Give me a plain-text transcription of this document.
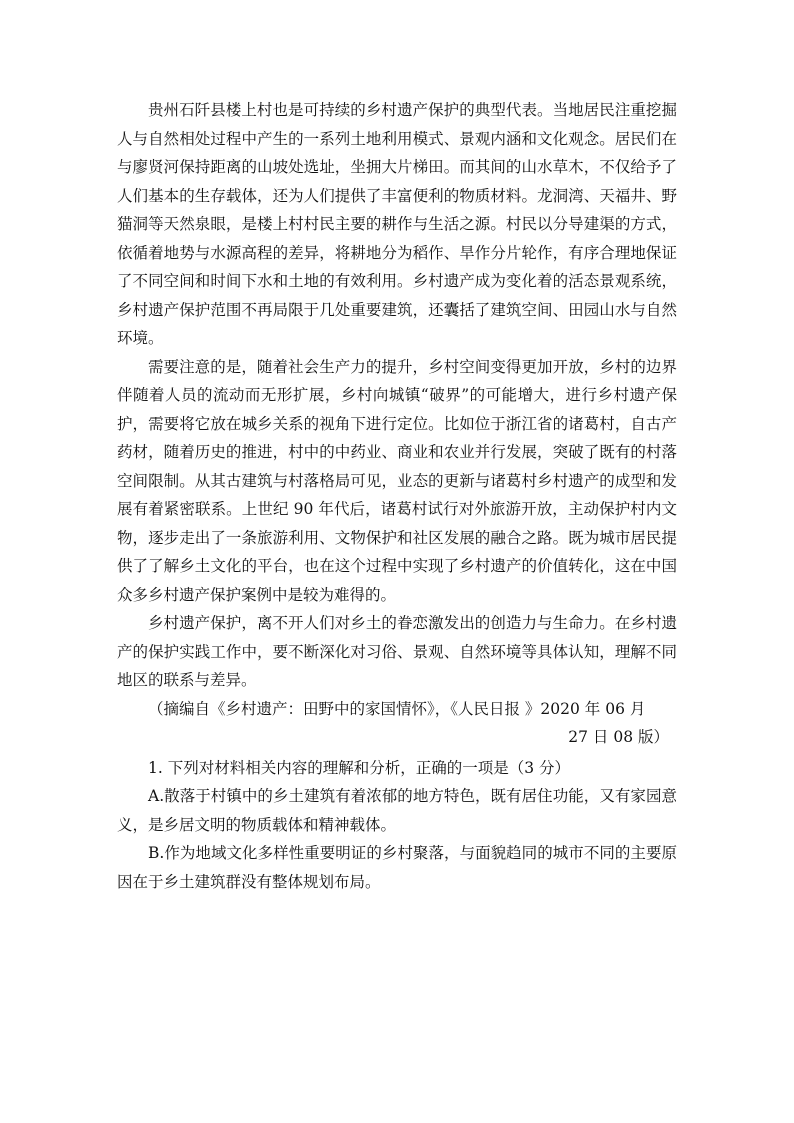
贵州石阡县楼上村也是可持续的乡村遗产保护的典型代表。当地居民注重挖掘人与自然相处过程中产生的一系列土地利用模式、景观内涵和文化观念。居民们在与廖贤河保持距离的山坡处选址，坐拥大片梯田。而其间的山水草木，不仅给予了人们基本的生存载体，还为人们提供了丰富便利的物质材料。龙洞湾、天福井、野猫洞等天然泉眼，是楼上村村民主要的耕作与生活之源。村民以分导建渠的方式，依循着地势与水源高程的差异，将耕地分为稻作、旱作分片轮作，有序合理地保证了不同空间和时间下水和土地的有效利用。乡村遗产成为变化着的活态景观系统，乡村遗产保护范围不再局限于几处重要建筑，还囊括了建筑空间、田园山水与自然环境。

需要注意的是，随着社会生产力的提升，乡村空间变得更加开放，乡村的边界伴随着人员的流动而无形扩展，乡村向城镇“破界”的可能增大，进行乡村遗产保护，需要将它放在城乡关系的视角下进行定位。比如位于浙江省的诸葛村，自古产药材，随着历史的推进，村中的中药业、商业和农业并行发展，突破了既有的村落空间限制。从其古建筑与村落格局可见，业态的更新与诸葛村乡村遗产的成型和发展有着紧密联系。上世纪 90 年代后，诸葛村试行对外旅游开放，主动保护村内文物，逐步走出了一条旅游利用、文物保护和社区发展的融合之路。既为城市居民提供了了解乡土文化的平台，也在这个过程中实现了乡村遗产的价值转化，这在中国众多乡村遗产保护案例中是较为难得的。

乡村遗产保护，离不开人们对乡土的眷恋激发出的创造力与生命力。在乡村遗产的保护实践工作中，要不断深化对习俗、景观、自然环境等具体认知，理解不同地区的联系与差异。

（摘编自《乡村遗产：田野中的家国情怀》，《人民日报 》2020 年 06 月

27 日 08 版）

1. 下列对材料相关内容的理解和分析，正确的一项是（3 分）

A.散落于村镇中的乡土建筑有着浓郁的地方特色，既有居住功能，又有家园意义，是乡居文明的物质载体和精神载体。

B.作为地域文化多样性重要明证的乡村聚落，与面貌趋同的城市不同的主要原因在于乡土建筑群没有整体规划布局。
